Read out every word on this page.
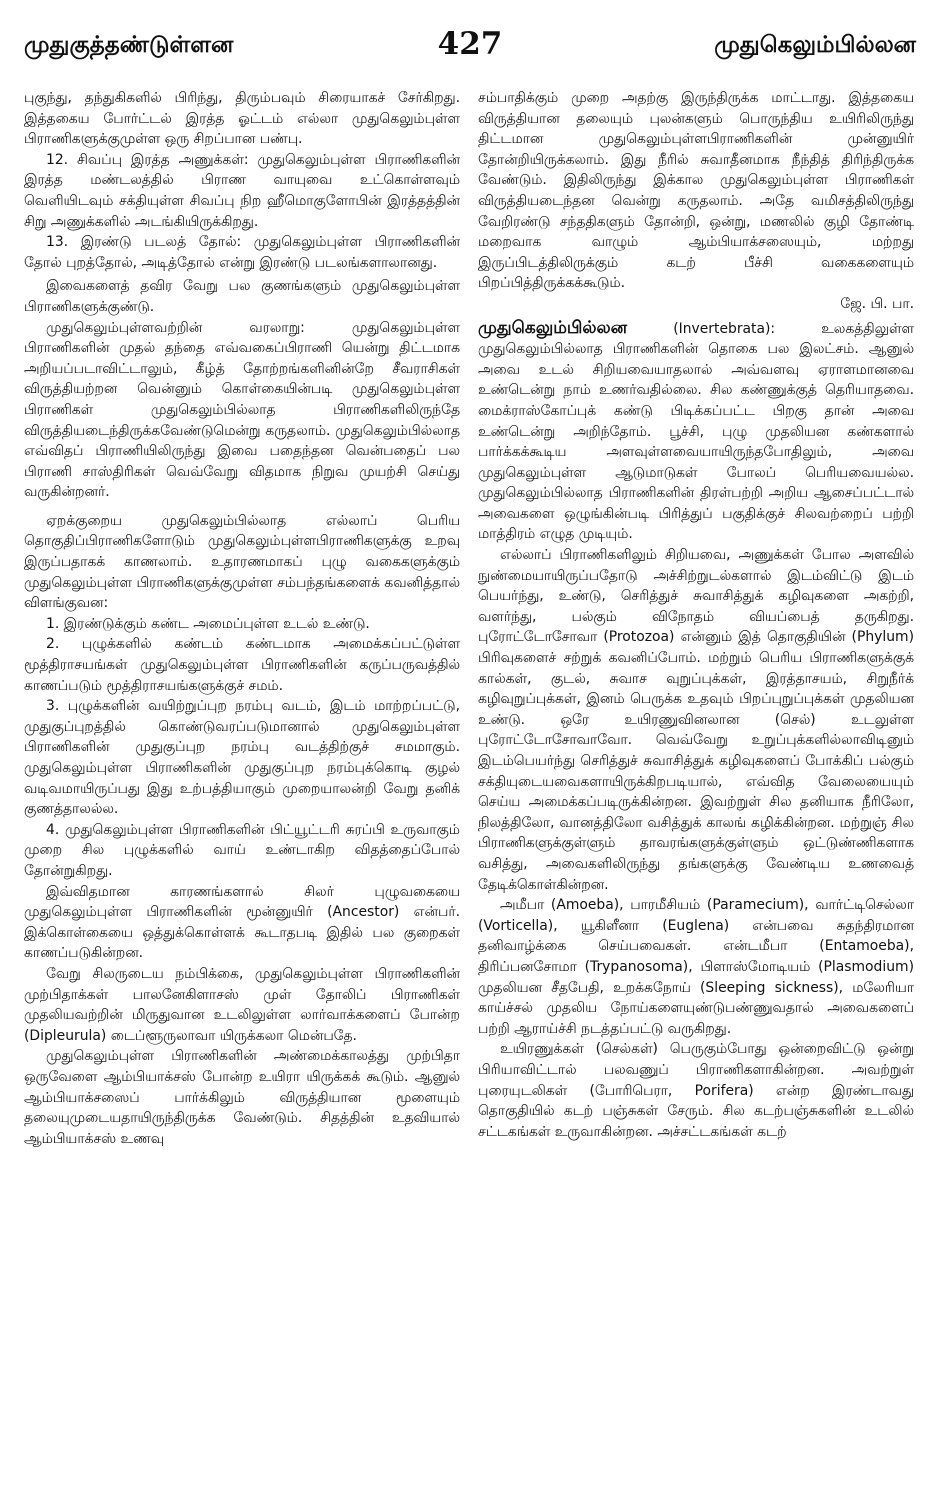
முதுகுத்தண்டுள்ளன	427	முதுகெலும்பில்லன

புகுந்து, தந்துகிகளில் பிரிந்து, திரும்பவும் சிரையாகச் சேர்கிறது. இத்தகைய போர்ட்டல் இரத்த ஓட்டம் எல்லா முதுகெலும்புள்ள பிராணிகளுக்குமுள்ள ஒரு சிறப்பான பண்பு.

12. சிவப்பு இரத்த அணுக்கள்: முதுகெலும்புள்ள பிராணிகளின் இரத்த மண்டலத்தில் பிராண வாயுவை உட்கொள்ளவும் வெளியிடவும் சக்தியுள்ள சிவப்பு நிற ஹீமொகுளோபின் இரத்தத்தின் சிறு அணுக்களில் அடங்கியிருக்கிறது.

13. இரண்டு படலத் தோல்: முதுகெலும்புள்ள பிராணிகளின் தோல் புறத்தோல், அடித்தோல் என்று இரண்டு படலங்களாலானது.

இவைகளைத் தவிர வேறு பல குணங்களும் முதுகெலும்புள்ள பிராணிகளுக்குண்டு.

முதுகெலும்புள்ளவற்றின் வரலாறு: முதுகெலும்புள்ள பிராணிகளின் முதல் தந்தை எவ்வகைப்பிராணி யென்று திட்டமாக அறியப்படாவிட்டாலும், கீழ்த் தோற்றங்களினின்றே சீவராசிகள் விருத்தியற்றன வென்னும் கொள்கையின்படி முதுகெலும்புள்ள பிராணிகள் முதுகெலும்பில்லாத பிராணிகளிலிருந்தே விருத்தியடைந்திருக்கவேண்டுமென்று கருதலாம். முதுகெலும்பில்லாத எவ்விதப் பிராணியிலிருந்து இவை பதைந்தன வென்பதைப் பல பிராணி சாஸ்திரிகள் வெவ்வேறு விதமாக நிறுவ முயற்சி செய்து வருகின்றனர்.

ஏறக்குறைய முதுகெலும்பில்லாத எல்லாப் பெரிய தொகுதிப்பிராணிகளோடும் முதுகெலும்புள்ளபிராணிகளுக்கு உறவு இருப்பதாகக் காணலாம். உதாரணமாகப் புழு வகைகளுக்கும் முதுகெலும்புள்ள பிராணிகளுக்குமுள்ள சம்பந்தங்களைக் கவனித்தால் விளங்குவன:

1. இரண்டுக்கும் கண்ட அமைப்புள்ள உடல் உண்டு.

2. புழுக்களில் கண்டம் கண்டமாக அமைக்கப்பட்டுள்ள மூத்திராசயங்கள் முதுகெலும்புள்ள பிராணிகளின் கருப்பருவத்தில் காணப்படும் மூத்திராசயங்களுக்குச் சமம்.

3. புழுக்களின் வயிற்றுப்புற நரம்பு வடம், இடம் மாற்றப்பட்டு, முதுகுப்புறத்தில் கொண்டுவரப்படுமானால் முதுகெலும்புள்ள பிராணிகளின் முதுகுப்புற நரம்பு வடத்திற்குச் சமமாகும். முதுகெலும்புள்ள பிராணிகளின் முதுகுப்புற நரம்புக்கொடி குழல் வடிவமாயிருப்பது இது உற்பத்தியாகும் முறையாலன்றி வேறு தனிக் குணத்தாலல்ல.

4. முதுகெலும்புள்ள பிராணிகளின் பிட்யூட்டரி சுரப்பி உருவாகும் முறை சில புழுக்களில் வாய் உண்டாகிற விதத்தைப்போல் தோன்றுகிறது.

இவ்விதமான காரணங்களால் சிலர் புழுவகையை முதுகெலும்புள்ள பிராணிகளின் மூன்னுயிர் (Ancestor) என்பர். இக்கொள்கையை ஒத்துக்கொள்ளக் கூடாதபடி இதில் பல குறைகள் காணப்படுகின்றன.

வேறு சிலருடைய நம்பிக்கை, முதுகெலும்புள்ள பிராணிகளின் முற்பிதாக்கள் பாலனேகிளாசஸ் முள் தோலிப் பிராணிகள் முதலியவற்றின் மிருதுவான உடலிலுள்ள லார்வாக்களைப் போன்ற (Dipleurula) டைப்ளூருலாவா யிருக்கலா மென்பதே.

முதுகெலும்புள்ள பிராணிகளின் அண்மைக்காலத்து முற்பிதா ஒருவேளை ஆம்பியாக்சஸ் போன்ற உயிரா யிருக்கக் கூடும். ஆனுல் ஆம்பியாக்சஸைப் பார்க்கிலும் விருத்தியான மூளையும் தலையுமுடையதாயிருந்திருக்க வேண்டும். சிதத்தின் உதவியால் ஆம்பியாக்சஸ் உணவு

சம்பாதிக்கும் முறை அதற்கு இருந்திருக்க மாட்டாது. இத்தகைய விருத்தியான தலையும் புலன்களும் பொருந்திய உயிரிலிருந்து திட்டமான முதுகெலும்புள்ளபிராணிகளின் முன்னுயிர் தோன்றியிருக்கலாம். இது நீரில் சுவாதீனமாக நீந்தித் திரிந்திருக்க வேண்டும். இதிலிருந்து இக்கால முதுகெலும்புள்ள பிராணிகள் விருத்தியடைந்தன வென்று கருதலாம். அதே வமிசத்திலிருந்து வேறிரண்டு சந்ததிகளும் தோன்றி, ஒன்று, மணலில் குழி தோண்டி மறைவாக வாழும் ஆம்பியாக்சஸையும், மற்றது இருப்பிடத்திலிருக்கும் கடற் பீச்சி வகைகளையும் பிறப்பித்திருக்கக்கூடும்.

ஜே. பி. பா.

முதுகெலும்பில்லன	(Invertebrata):	உலகத்திலுள்ள முதுகெலும்பில்லாத பிராணிகளின் தொகை பல இலட்சம். ஆனுல் அவை உடல் சிறியவையாதலால் அவ்வளவு ஏராளமானவை உண்டென்று நாம் உணர்வதில்லை. சில கண்ணுக்குத் தெரியாதவை. மைக்ராஸ்கோப்புக் கண்டு பிடிக்கப்பட்ட பிறகு தான் அவை உண்டென்று அறிந்தோம். பூச்சி, புழு முதலியன கண்களால் பார்க்கக்கூடிய அளவுள்ளவையாயிருந்தபோதிலும், அவை முதுகெலும்புள்ள ஆடுமாடுகள் போலப் பெரியவையல்ல. முதுகெலும்பில்லாத பிராணிகளின் திரள்பற்றி அறிய ஆசைப்பட்டால் அவைகளை ஒழுங்கின்படி பிரித்துப் பகுதிக்குச் சிலவற்றைப் பற்றி மாத்திரம் எழுத முடியும்.

எல்லாப் பிராணிகளிலும் சிறியவை, அணுக்கள் போல அளவில் நுண்மையாயிருப்பதோடு அச்சிற்றுடல்களால் இடம்விட்டு இடம் பெயர்ந்து, உண்டு, செரித்துச் சுவாசித்துக் கழிவுகளை அகற்றி, வளர்ந்து, பல்கும் விநோதம் வியப்பைத் தருகிறது. புரோட்டோசோவா (Protozoa) என்னும் இத் தொகுதியின் (Phylum) பிரிவுகளைச் சற்றுக் கவனிப்போம். மற்றும் பெரிய பிராணிகளுக்குக் கால்கள், குடல், சுவாச வுறுப்புக்கள், இரத்தாசயம், சிறுநீர்க் கழிவுறுப்புக்கள், இனம் பெருக்க உதவும் பிறப்புறுப்புக்கள் முதலியன உண்டு. ஒரே உயிரணுவினலான (செல்) உடலுள்ள புரோட்டோசோவாவோ. வெவ்வேறு உறுப்புக்களில்லாவிடினும் இடம்பெயர்ந்து செரித்துச் சுவாசித்துக் கழிவுகளைப் போக்கிப் பல்கும் சக்தியுடையவைகளாயிருக்கிறபடியால், எவ்வித வேலையையும் செய்ய அமைக்கப்படிருக்கின்றன. இவற்றுள் சில தனியாக நீரிலோ, நிலத்திலோ, வானத்திலோ வசித்துக் காலங் கழிக்கின்றன. மற்றுஞ் சில பிராணிகளுக்குள்ளும் தாவரங்களுக்குள்ளும் ஒட்டுண்ணிகளாக வசித்து, அவைகளிலிருந்து தங்களுக்கு வேண்டிய உணவைத் தேடிக்கொள்கின்றன.

அமீபா (Amoeba), பாரமீசியம் (Paramecium), வார்ட்டிசெல்லா (Vorticella), யூகிளீனா (Euglena) என்பவை சுதந்திரமான தனிவாழ்க்கை செய்பவைகள். என்டமீபா (Entamoeba), திரிப்பனசோமா (Trypanosoma), பிளாஸ்மோடியம் (Plasmodium) முதலியன சீதபேதி, உறக்கநோய் (Sleeping sickness), மலேரியா காய்ச்சல் முதலிய நோய்களையுண்டுபண்ணுவதால் அவைகளைப் பற்றி ஆராய்ச்சி நடத்தப்பட்டு வருகிறது.

உயிரணுக்கள் (செல்கள்) பெருகும்போது ஒன்றைவிட்டு ஒன்று பிரியாவிட்டால் பலவணுப் பிராணிகளாகின்றன. அவற்றுள் புரையுடலிகள் (போரிபெரா, Porifera) என்ற இரண்டாவது தொகுதியில் கடற் பஞ்சுகள் சேரும். சில கடற்பஞ்சுகளின் உடலில் சட்டகங்கள் உருவாகின்றன. அச்சட்டகங்கள் கடற்
